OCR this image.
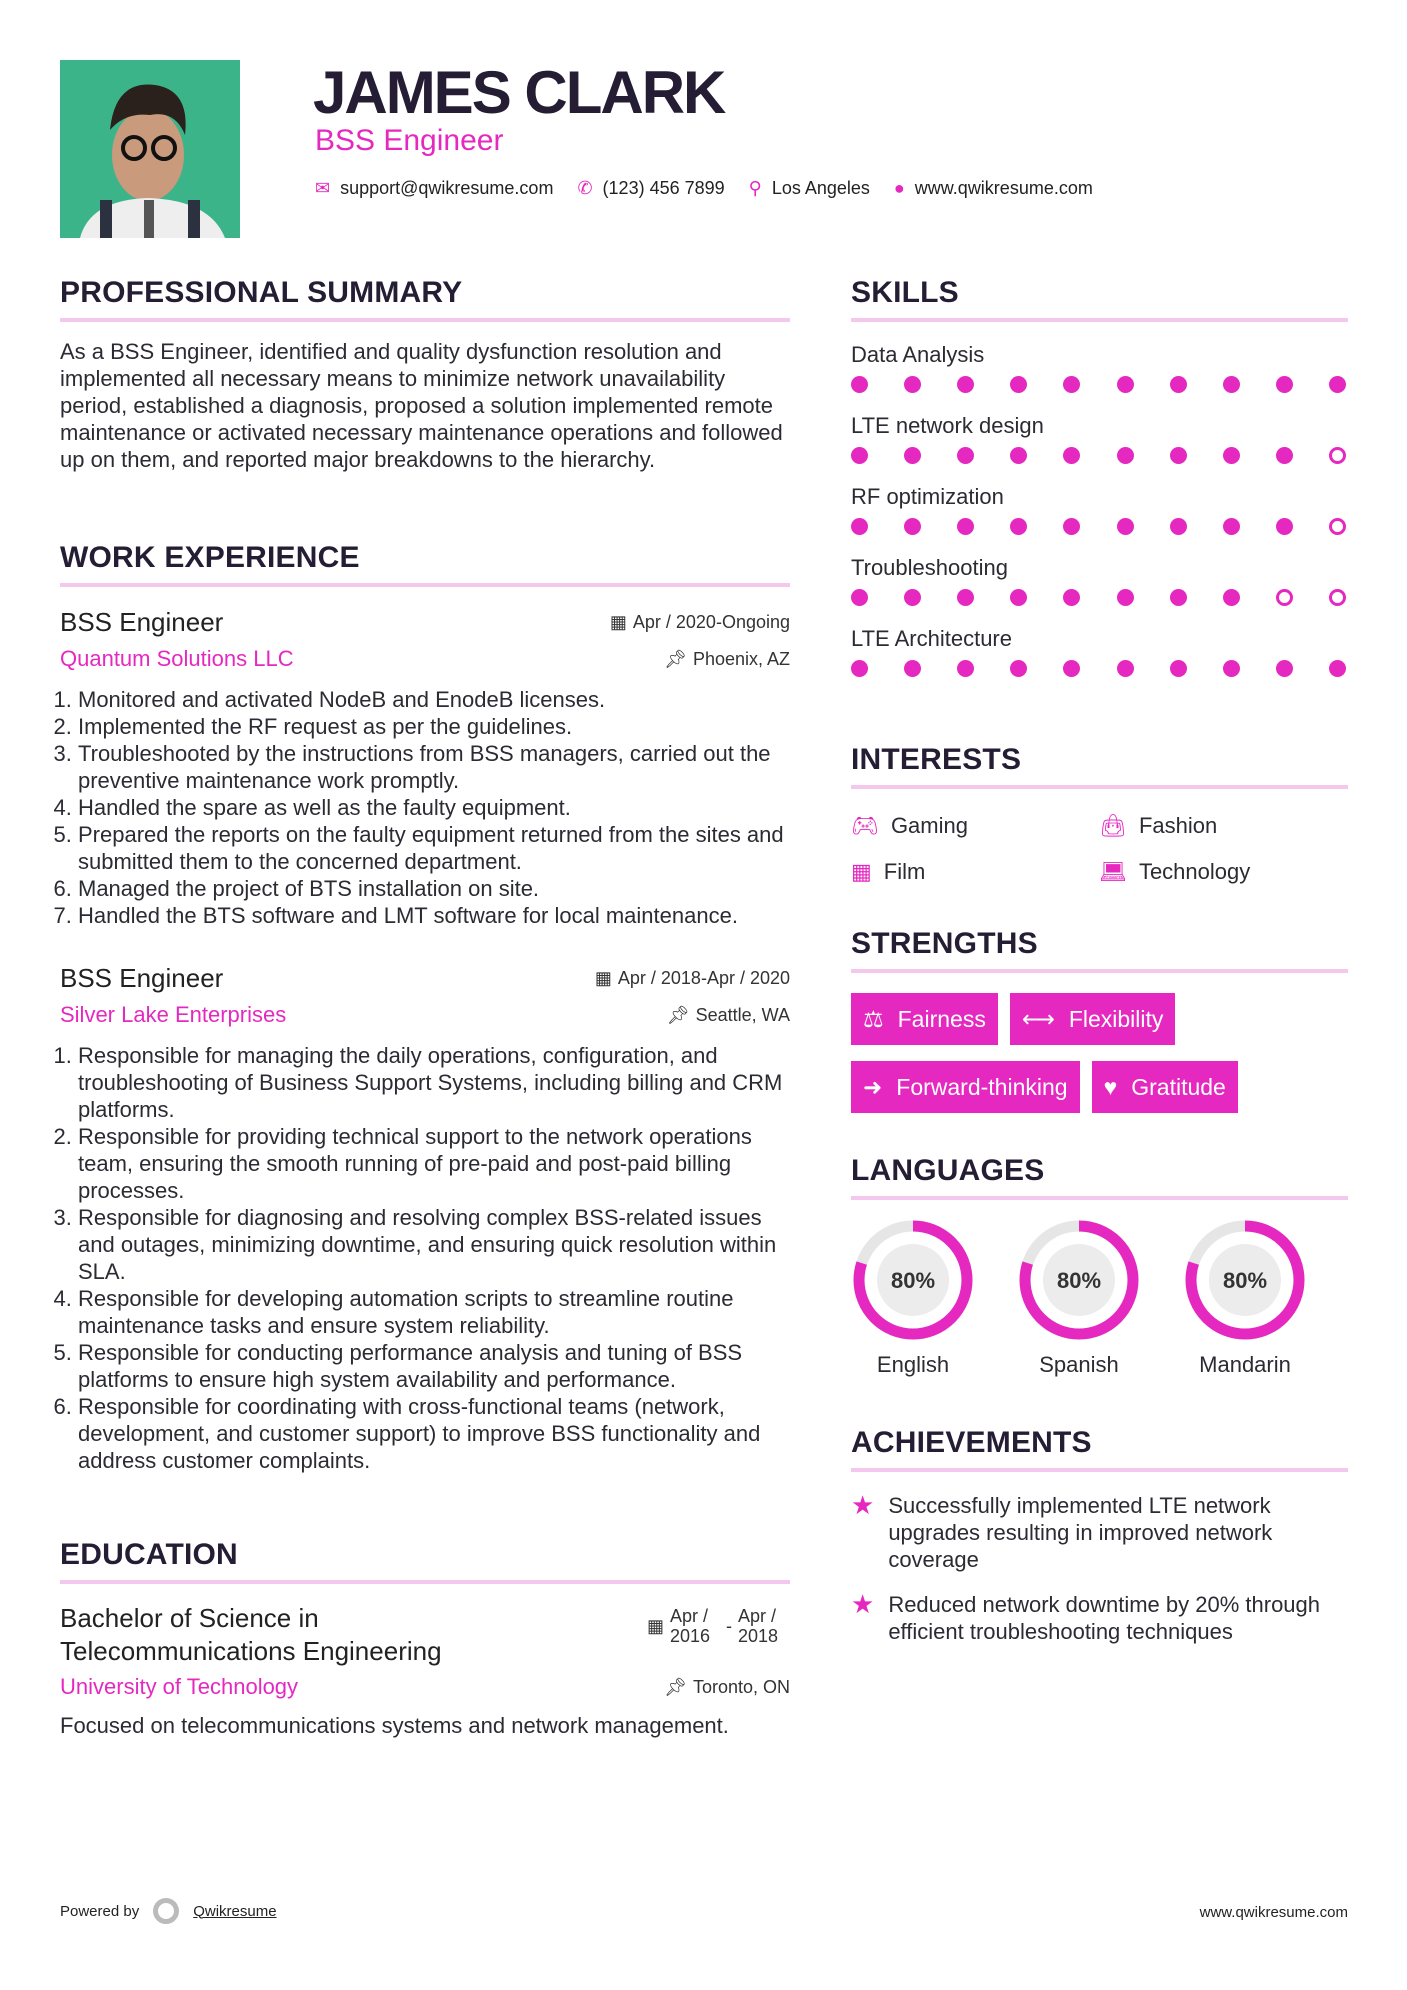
JAMES CLARK
BSS Engineer
✉ support@qwikresume.com ✆ (123) 456 7899 ⚲ Los Angeles ● www.qwikresume.com
PROFESSIONAL SUMMARY

As a BSS Engineer, identified and quality dysfunction resolution and implemented all necessary means to minimize network unavailability period, established a diagnosis, proposed a solution implemented remote maintenance or activated necessary maintenance operations and followed up on them, and reported major breakdowns to the hierarchy.

WORK EXPERIENCE
BSS Engineer	▦ Apr / 2020-Ongoing
Quantum Solutions LLC	📌︎ Phoenix, AZ
1. Monitored and activated NodeB and EnodeB licenses.
2. Implemented the RF request as per the guidelines.
3. Troubleshooted by the instructions from BSS managers, carried out the preventive maintenance work promptly.
4. Handled the spare as well as the faulty equipment.
5. Prepared the reports on the faulty equipment returned from the sites and submitted them to the concerned department.
6. Managed the project of BTS installation on site.
7. Handled the BTS software and LMT software for local maintenance.
BSS Engineer	▦ Apr / 2018-Apr / 2020
Silver Lake Enterprises	📌︎ Seattle, WA
1. Responsible for managing the daily operations, configuration, and troubleshooting of Business Support Systems, including billing and CRM platforms.
2. Responsible for providing technical support to the network operations team, ensuring the smooth running of pre-paid and post-paid billing processes.
3. Responsible for diagnosing and resolving complex BSS-related issues and outages, minimizing downtime, and ensuring quick resolution within SLA.
4. Responsible for developing automation scripts to streamline routine maintenance tasks and ensure system reliability.
5. Responsible for conducting performance analysis and tuning of BSS platforms to ensure high system availability and performance.
6. Responsible for coordinating with cross-functional teams (network, development, and customer support) to improve BSS functionality and address customer complaints.
EDUCATION
Bachelor of Science in Telecommunications Engineering
▦ Apr / 2016 - Apr / 2018
University of Technology	📌︎ Toronto, ON

Focused on telecommunications systems and network management.

SKILLS
Data Analysis
LTE network design
RF optimization
Troubleshooting
LTE Architecture
INTERESTS
🎮︎ Gaming	👜︎ Fashion
▦ Film	💻︎ Technology
STRENGTHS
⚖ Fairness ⟷ Flexibility
➜ Forward-thinking ♥ Gratitude
LANGUAGES
80%
English
80%
Spanish
80%
Mandarin
ACHIEVEMENTS
★ Successfully implemented LTE network upgrades resulting in improved network coverage
★ Reduced network downtime by 20% through efficient troubleshooting techniques
Powered by	Qwikresume	www.qwikresume.com
